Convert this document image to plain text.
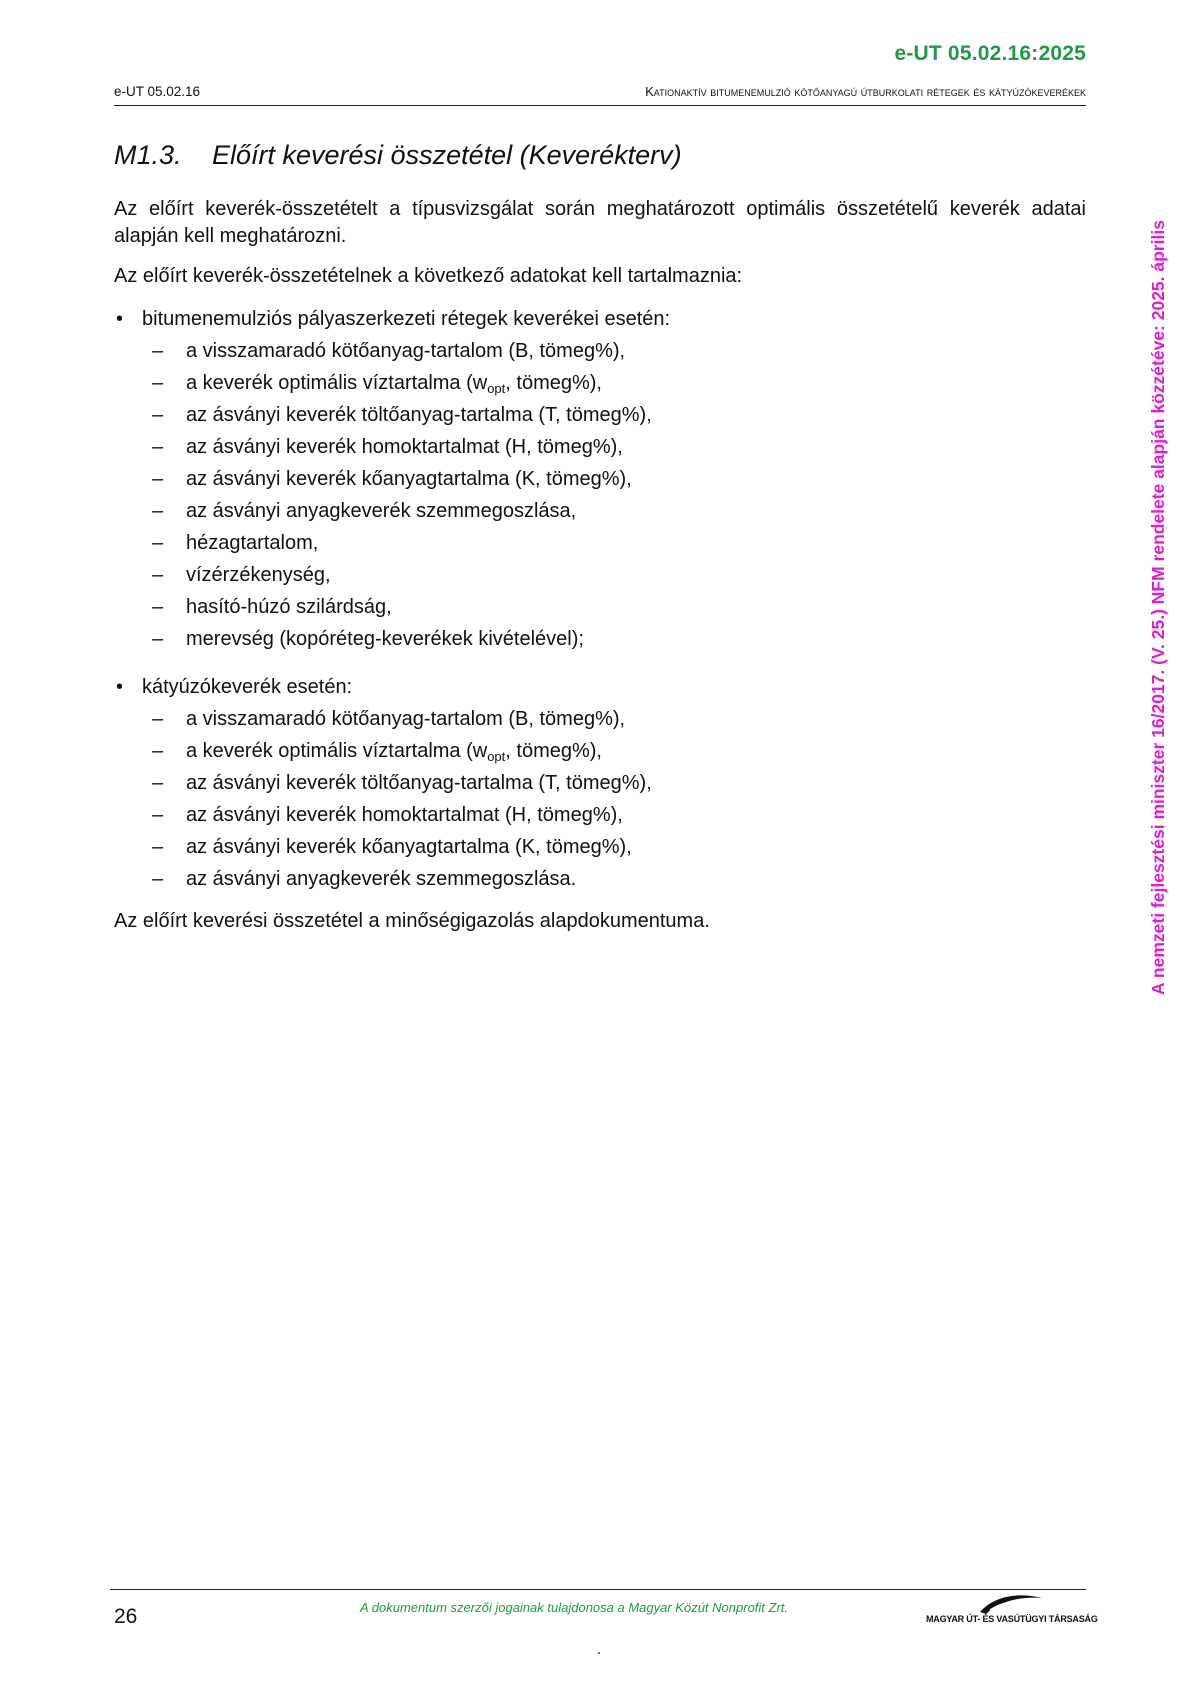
e-UT 05.02.16:2025
e-UT 05.02.16	Kationaktív bitumenemulzió kötőanyagú útburkolati rétegek és kátyúzókeverékek
A nemzeti fejlesztési miniszter 16/2017. (V. 25.) NFM rendelete alapján közzétéve: 2025. április
M1.3. Előírt keverési összetétel (Keverékterv)

Az előírt keverék-összetételt a típusvizsgálat során meghatározott optimális összetételű keverék adatai alapján kell meghatározni.

Az előírt keverék-összetételnek a következő adatokat kell tartalmaznia:

• bitumenemulziós pályaszerkezeti rétegek keverékei esetén:
– a visszamaradó kötőanyag-tartalom (B, tömeg%),
– a keverék optimális víztartalma ($w_{opt}$, tömeg%),
– az ásványi keverék töltőanyag-tartalma (T, tömeg%),
– az ásványi keverék homoktartalmat (H, tömeg%),
– az ásványi keverék kőanyagtartalma (K, tömeg%),
– az ásványi anyagkeverék szemmegoszlása,
– hézagtartalom,
– vízérzékenység,
– hasító-húzó szilárdság,
– merevség (kopóréteg-keverékek kivételével);
• kátyúzókeverék esetén:
– a visszamaradó kötőanyag-tartalom (B, tömeg%),
– a keverék optimális víztartalma ($w_{opt}$, tömeg%),
– az ásványi keverék töltőanyag-tartalma (T, tömeg%),
– az ásványi keverék homoktartalmat (H, tömeg%),
– az ásványi keverék kőanyagtartalma (K, tömeg%),
– az ásványi anyagkeverék szemmegoszlása.

Az előírt keverési összetétel a minőségigazolás alapdokumentuma.

26	A dokumentum szerzői jogainak tulajdonosa a Magyar Közút Nonprofit Zrt.
MAGYAR ÚT- ÉS VASÚTÜGYI TÁRSASÁG
